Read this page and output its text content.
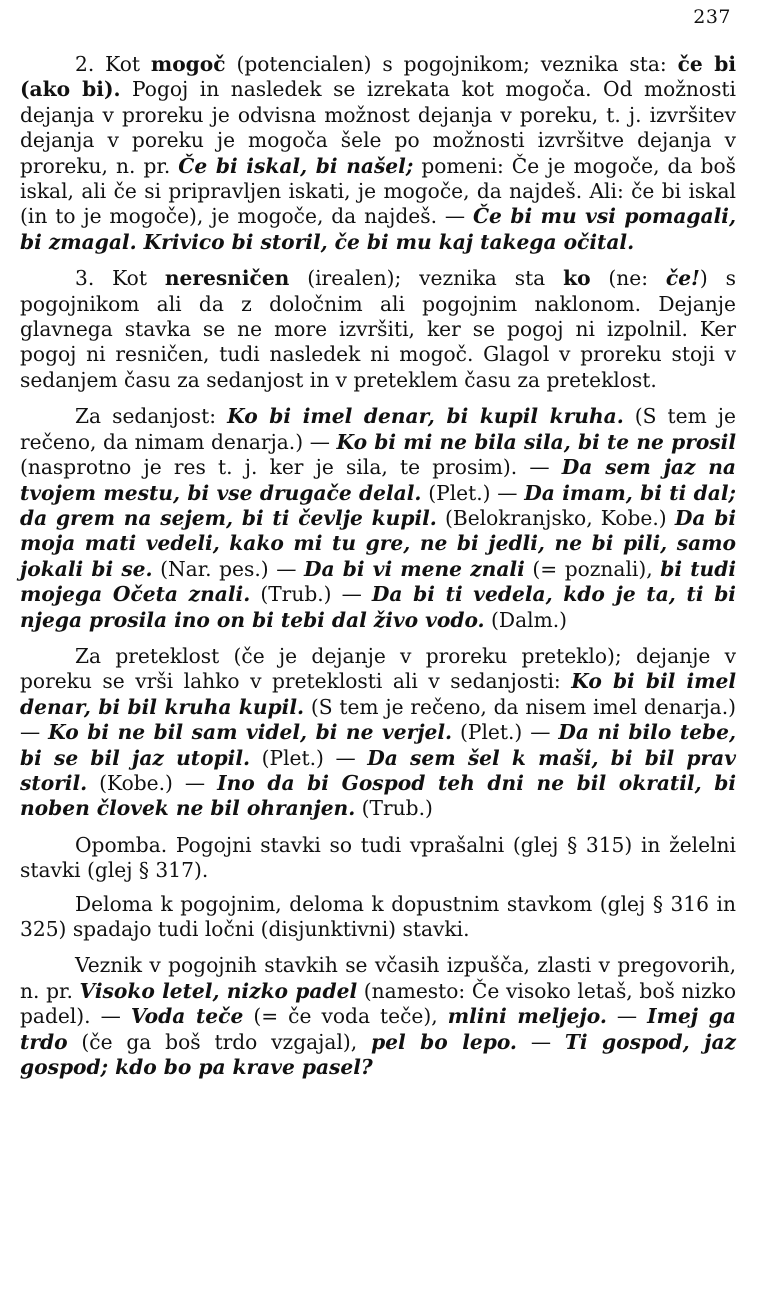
237

2. Kot mogoč (potencialen) s pogojnikom; veznika sta: če bi (ako bi). Pogoj in nasledek se izrekata kot mogoča. Od možnosti dejanja v proreku je odvisna možnost dejanja v poreku, t. j. izvršitev dejanja v poreku je mogoča šele po možnosti izvršitve dejanja v proreku, n. pr. Če bi iskal, bi našel; pomeni: Če je mogoče, da boš iskal, ali če si pripravljen iskati, je mogoče, da najdeš. Ali: če bi iskal (in to je mogoče), je mogoče, da najdeš. — Če bi mu vsi pomagali, bi zmagal. Krivico bi storil, če bi mu kaj takega očital.

3. Kot neresničen (irealen); veznika sta ko (ne: če!) s pogojnikom ali da z določnim ali pogojnim naklonom. Dejanje glavnega stavka se ne more izvršiti, ker se pogoj ni izpolnil. Ker pogoj ni resničen, tudi nasledek ni mogoč. Glagol v proreku stoji v sedanjem času za sedanjost in v preteklem času za preteklost.

Za sedanjost: Ko bi imel denar, bi kupil kruha. (S tem je rečeno, da nimam denarja.) — Ko bi mi ne bila sila, bi te ne prosil (nasprotno je res t. j. ker je sila, te prosim). — Da sem jaz na tvojem mestu, bi vse drugače delal. (Plet.) — Da imam, bi ti dal; da grem na sejem, bi ti čevlje kupil. (Belokranjsko, Kobe.) Da bi moja mati vedeli, kako mi tu gre, ne bi jedli, ne bi pili, samo jokali bi se. (Nar. pes.) — Da bi vi mene znali (= poznali), bi tudi mojega Očeta znali. (Trub.) — Da bi ti vedela, kdo je ta, ti bi njega prosila ino on bi tebi dal živo vodo. (Dalm.)

Za preteklost (če je dejanje v proreku preteklo); dejanje v poreku se vrši lahko v preteklosti ali v sedanjosti: Ko bi bil imel denar, bi bil kruha kupil. (S tem je rečeno, da nisem imel denarja.) — Ko bi ne bil sam videl, bi ne verjel. (Plet.) — Da ni bilo tebe, bi se bil jaz utopil. (Plet.) — Da sem šel k maši, bi bil prav storil. (Kobe.) — Ino da bi Gospod teh dni ne bil okratil, bi noben človek ne bil ohranjen. (Trub.)

Opomba. Pogojni stavki so tudi vprašalni (glej § 315) in želelni stavki (glej § 317).

Deloma k pogojnim, deloma k dopustnim stavkom (glej § 316 in 325) spadajo tudi ločni (disjunktivni) stavki.

Veznik v pogojnih stavkih se včasih izpušča, zlasti v pregovorih, n. pr. Visoko letel, nizko padel (namesto: Če visoko letaš, boš nizko padel). — Voda teče (= če voda teče), mlini meljejo. — Imej ga trdo (če ga boš trdo vzgajal), pel bo lepo. — Ti gospod, jaz gospod; kdo bo pa krave pasel?
